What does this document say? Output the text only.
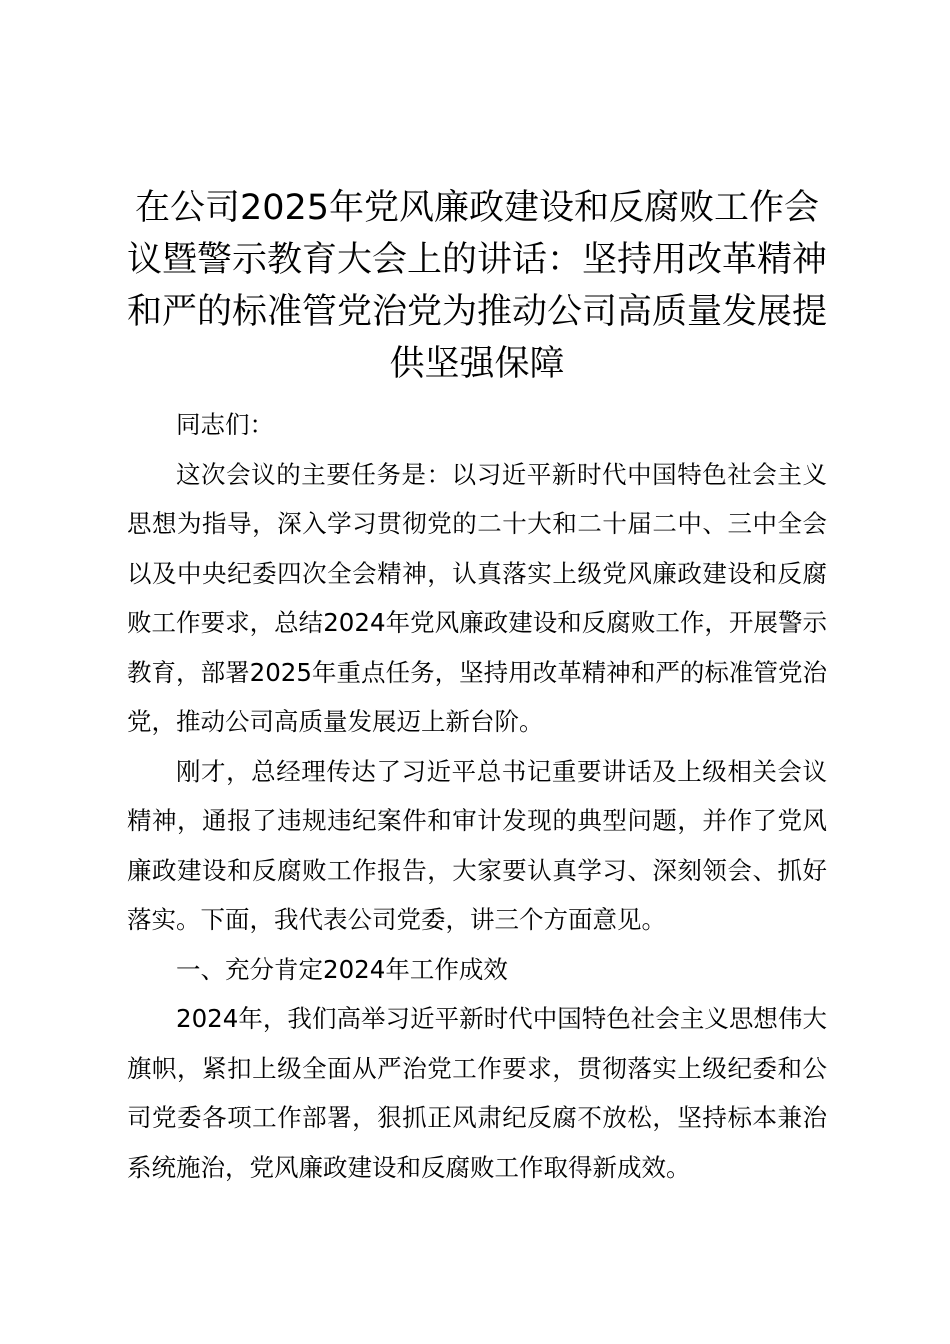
在公司2025年党风廉政建设和反腐败工作会议暨警示教育大会上的讲话：坚持用改革精神和严的标准管党治党为推动公司高质量发展提供坚强保障

同志们：

这次会议的主要任务是：以习近平新时代中国特色社会主义思想为指导，深入学习贯彻党的二十大和二十届二中、三中全会以及中央纪委四次全会精神，认真落实上级党风廉政建设和反腐败工作要求，总结2024年党风廉政建设和反腐败工作，开展警示教育，部署2025年重点任务，坚持用改革精神和严的标准管党治党，推动公司高质量发展迈上新台阶。

刚才，总经理传达了习近平总书记重要讲话及上级相关会议精神，通报了违规违纪案件和审计发现的典型问题，并作了党风廉政建设和反腐败工作报告，大家要认真学习、深刻领会、抓好落实。下面，我代表公司党委，讲三个方面意见。

一、充分肯定2024年工作成效

2024年，我们高举习近平新时代中国特色社会主义思想伟大旗帜，紧扣上级全面从严治党工作要求，贯彻落实上级纪委和公司党委各项工作部署，狠抓正风肃纪反腐不放松，坚持标本兼治系统施治，党风廉政建设和反腐败工作取得新成效。
